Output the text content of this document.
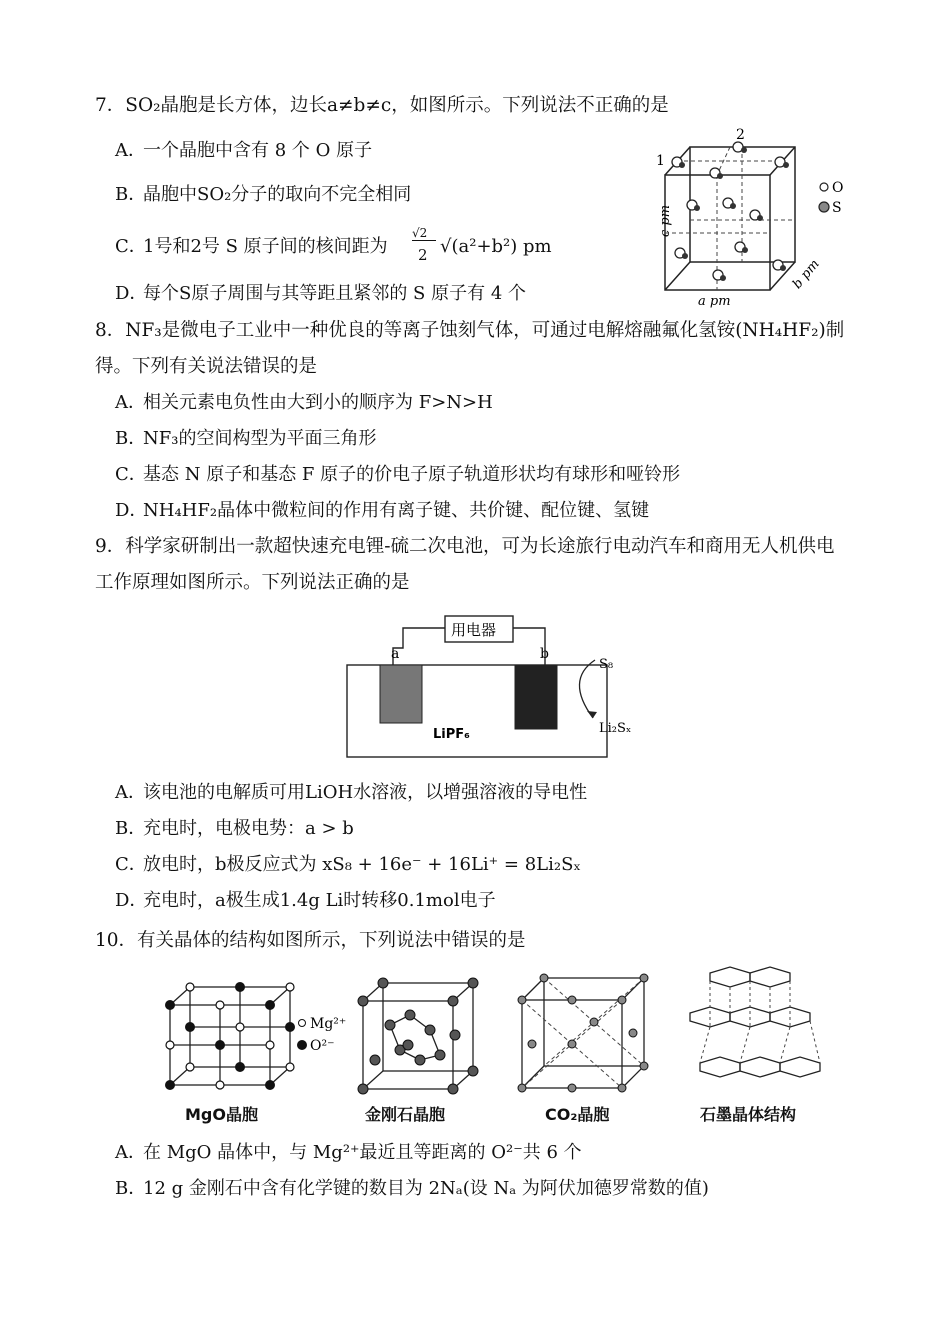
7．SO₂晶胞是长方体，边长a≠b≠c，如图所示。下列说法不正确的是
A．一个晶胞中含有 8 个 O 原子
B．晶胞中SO₂分子的取向不完全相同
C．1号和2号 S 原子间的核间距为
√2
2 √(a²+b²) pm
D．每个S原子周围与其等距且紧邻的 S 原子有 4 个
1
2
O
S
a pm
c pm
b pm
8．NF₃是微电子工业中一种优良的等离子蚀刻气体，可通过电解熔融氟化氢铵(NH₄HF₂)制
得。下列有关说法错误的是
A．相关元素电负性由大到小的顺序为 F>N>H
B．NF₃的空间构型为平面三角形
C．基态 N 原子和基态 F 原子的价电子原子轨道形状均有球形和哑铃形
D．NH₄HF₂晶体中微粒间的作用有离子键、共价键、配位键、氢键
9．科学家研制出一款超快速充电锂-硫二次电池，可为长途旅行电动汽车和商用无人机供电
工作原理如图所示。下列说法正确的是
用电器
a	b
LiPF₆
S₈
Li₂Sₓ
A．该电池的电解质可用LiOH水溶液，以增强溶液的导电性
B．充电时，电极电势：a > b
C．放电时，b极反应式为 xS₈ + 16e⁻ + 16Li⁺ = 8Li₂Sₓ
D．充电时，a极生成1.4g Li时转移0.1mol电子
10．有关晶体的结构如图所示，下列说法中错误的是
Mg²⁺
O²⁻
MgO晶胞	金刚石晶胞	CO₂晶胞	石墨晶体结构
A．在 MgO 晶体中，与 Mg²⁺最近且等距离的 O²⁻共 6 个
B．12 g 金刚石中含有化学键的数目为 2Nₐ(设 Nₐ 为阿伏加德罗常数的值)
